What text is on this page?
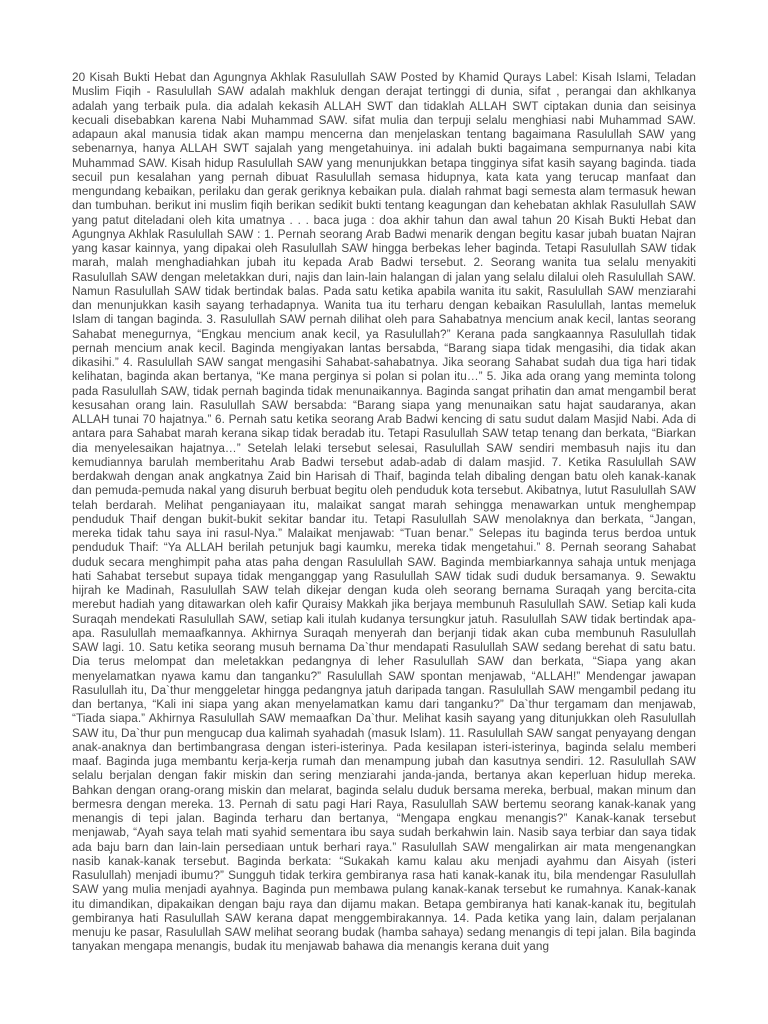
20 Kisah Bukti Hebat dan Agungnya Akhlak Rasulullah SAW Posted by Khamid Qurays Label: Kisah Islami, Teladan Muslim Fiqih - Rasulullah SAW adalah makhluk dengan derajat tertinggi di dunia, sifat , perangai dan akhlkanya adalah yang terbaik pula. dia adalah kekasih ALLAH SWT dan tidaklah ALLAH SWT ciptakan dunia dan seisinya kecuali disebabkan karena Nabi Muhammad SAW. sifat mulia dan terpuji selalu menghiasi nabi Muhammad SAW. adapaun akal manusia tidak akan mampu mencerna dan menjelaskan tentang bagaimana Rasulullah SAW yang sebenarnya, hanya ALLAH SWT sajalah yang mengetahuinya. ini adalah bukti bagaimana sempurnanya nabi kita Muhammad SAW. Kisah hidup Rasulullah SAW yang menunjukkan betapa tingginya sifat kasih sayang baginda. tiada secuil pun kesalahan yang pernah dibuat Rasulullah semasa hidupnya, kata kata yang terucap manfaat dan mengundang kebaikan, perilaku dan gerak geriknya kebaikan pula. dialah rahmat bagi semesta alam termasuk hewan dan tumbuhan. berikut ini muslim fiqih berikan sedikit bukti tentang keagungan dan kehebatan akhlak Rasulullah SAW yang patut diteladani oleh kita umatnya . . . baca juga : doa akhir tahun dan awal tahun 20 Kisah Bukti Hebat dan Agungnya Akhlak Rasulullah SAW : 1. Pernah seorang Arab Badwi menarik dengan begitu kasar jubah buatan Najran yang kasar kainnya, yang dipakai oleh Rasulullah SAW hingga berbekas leher baginda. Tetapi Rasulullah SAW tidak marah, malah menghadiahkan jubah itu kepada Arab Badwi tersebut. 2. Seorang wanita tua selalu menyakiti Rasulullah SAW dengan meletakkan duri, najis dan lain-lain halangan di jalan yang selalu dilalui oleh Rasulullah SAW. Namun Rasulullah SAW tidak bertindak balas. Pada satu ketika apabila wanita itu sakit, Rasulullah SAW menziarahi dan menunjukkan kasih sayang terhadapnya. Wanita tua itu terharu dengan kebaikan Rasulullah, lantas memeluk Islam di tangan baginda. 3. Rasulullah SAW pernah dilihat oleh para Sahabatnya mencium anak kecil, lantas seorang Sahabat menegurnya, “Engkau mencium anak kecil, ya Rasulullah?” Kerana pada sangkaannya Rasulullah tidak pernah mencium anak kecil. Baginda mengiyakan lantas bersabda, “Barang siapa tidak mengasihi, dia tidak akan dikasihi.” 4. Rasulullah SAW sangat mengasihi Sahabat-sahabatnya. Jika seorang Sahabat sudah dua tiga hari tidak kelihatan, baginda akan bertanya, “Ke mana perginya si polan si polan itu…” 5. Jika ada orang yang meminta tolong pada Rasulullah SAW, tidak pernah baginda tidak menunaikannya. Baginda sangat prihatin dan amat mengambil berat kesusahan orang lain. Rasulullah SAW bersabda: “Barang siapa yang menunaikan satu hajat saudaranya, akan ALLAH tunai 70 hajatnya.” 6. Pernah satu ketika seorang Arab Badwi kencing di satu sudut dalam Masjid Nabi. Ada di antara para Sahabat marah kerana sikap tidak beradab itu. Tetapi Rasulullah SAW tetap tenang dan berkata, “Biarkan dia menyelesaikan hajatnya…” Setelah lelaki tersebut selesai, Rasulullah SAW sendiri membasuh najis itu dan kemudiannya barulah memberitahu Arab Badwi tersebut adab-adab di dalam masjid. 7. Ketika Rasulullah SAW berdakwah dengan anak angkatnya Zaid bin Harisah di Thaif, baginda telah dibaling dengan batu oleh kanak-kanak dan pemuda-pemuda nakal yang disuruh berbuat begitu oleh penduduk kota tersebut. Akibatnya, lutut Rasulullah SAW telah berdarah. Melihat penganiayaan itu, malaikat sangat marah sehingga menawarkan untuk menghempap penduduk Thaif dengan bukit-bukit sekitar bandar itu. Tetapi Rasulullah SAW menolaknya dan berkata, “Jangan, mereka tidak tahu saya ini rasul-Nya.” Malaikat menjawab: “Tuan benar.” Selepas itu baginda terus berdoa untuk penduduk Thaif: “Ya ALLAH berilah petunjuk bagi kaumku, mereka tidak mengetahui.” 8. Pernah seorang Sahabat duduk secara menghimpit paha atas paha dengan Rasulullah SAW. Baginda membiarkannya sahaja untuk menjaga hati Sahabat tersebut supaya tidak menganggap yang Rasulullah SAW tidak sudi duduk bersamanya. 9. Sewaktu hijrah ke Madinah, Rasulullah SAW telah dikejar dengan kuda oleh seorang bernama Suraqah yang bercita-cita merebut hadiah yang ditawarkan oleh kafir Quraisy Makkah jika berjaya membunuh Rasulullah SAW. Setiap kali kuda Suraqah mendekati Rasulullah SAW, setiap kali itulah kudanya tersungkur jatuh. Rasulullah SAW tidak bertindak apa-apa. Rasulullah memaafkannya. Akhirnya Suraqah menyerah dan berjanji tidak akan cuba membunuh Rasulullah SAW lagi. 10. Satu ketika seorang musuh bernama Da`thur mendapati Rasulullah SAW sedang berehat di satu batu. Dia terus melompat dan meletakkan pedangnya di leher Rasulullah SAW dan berkata, “Siapa yang akan menyelamatkan nyawa kamu dan tanganku?” Rasulullah SAW spontan menjawab, “ALLAH!” Mendengar jawapan Rasulullah itu, Da`thur menggeletar hingga pedangnya jatuh daripada tangan. Rasulullah SAW mengambil pedang itu dan bertanya, “Kali ini siapa yang akan menyelamatkan kamu dari tanganku?” Da`thur tergamam dan menjawab, “Tiada siapa.” Akhirnya Rasulullah SAW memaafkan Da`thur. Melihat kasih sayang yang ditunjukkan oleh Rasulullah SAW itu, Da`thur pun mengucap dua kalimah syahadah (masuk Islam). 11. Rasulullah SAW sangat penyayang dengan anak-anaknya dan bertimbangrasa dengan isteri-isterinya. Pada kesilapan isteri-isterinya, baginda selalu memberi maaf. Baginda juga membantu kerja-kerja rumah dan menampung jubah dan kasutnya sendiri. 12. Rasulullah SAW selalu berjalan dengan fakir miskin dan sering menziarahi janda-janda, bertanya akan keperluan hidup mereka. Bahkan dengan orang-orang miskin dan melarat, baginda selalu duduk bersama mereka, berbual, makan minum dan bermesra dengan mereka. 13. Pernah di satu pagi Hari Raya, Rasulullah SAW bertemu seorang kanak-kanak yang menangis di tepi jalan. Baginda terharu dan bertanya, “Mengapa engkau menangis?” Kanak-kanak tersebut menjawab, “Ayah saya telah mati syahid sementara ibu saya sudah berkahwin lain. Nasib saya terbiar dan saya tidak ada baju barn dan lain-lain persediaan untuk berhari raya.” Rasulullah SAW mengalirkan air mata mengenangkan nasib kanak-kanak tersebut. Baginda berkata: “Sukakah kamu kalau aku menjadi ayahmu dan Aisyah (isteri Rasulullah) menjadi ibumu?” Sungguh tidak terkira gembiranya rasa hati kanak-kanak itu, bila mendengar Rasulullah SAW yang mulia menjadi ayahnya. Baginda pun membawa pulang kanak-kanak tersebut ke rumahnya. Kanak-kanak itu dimandikan, dipakaikan dengan baju raya dan dijamu makan. Betapa gembiranya hati kanak-kanak itu, begitulah gembiranya hati Rasulullah SAW kerana dapat menggembirakannya. 14. Pada ketika yang lain, dalam perjalanan menuju ke pasar, Rasulullah SAW melihat seorang budak (hamba sahaya) sedang menangis di tepi jalan. Bila baginda tanyakan mengapa menangis, budak itu menjawab bahawa dia menangis kerana duit yang
